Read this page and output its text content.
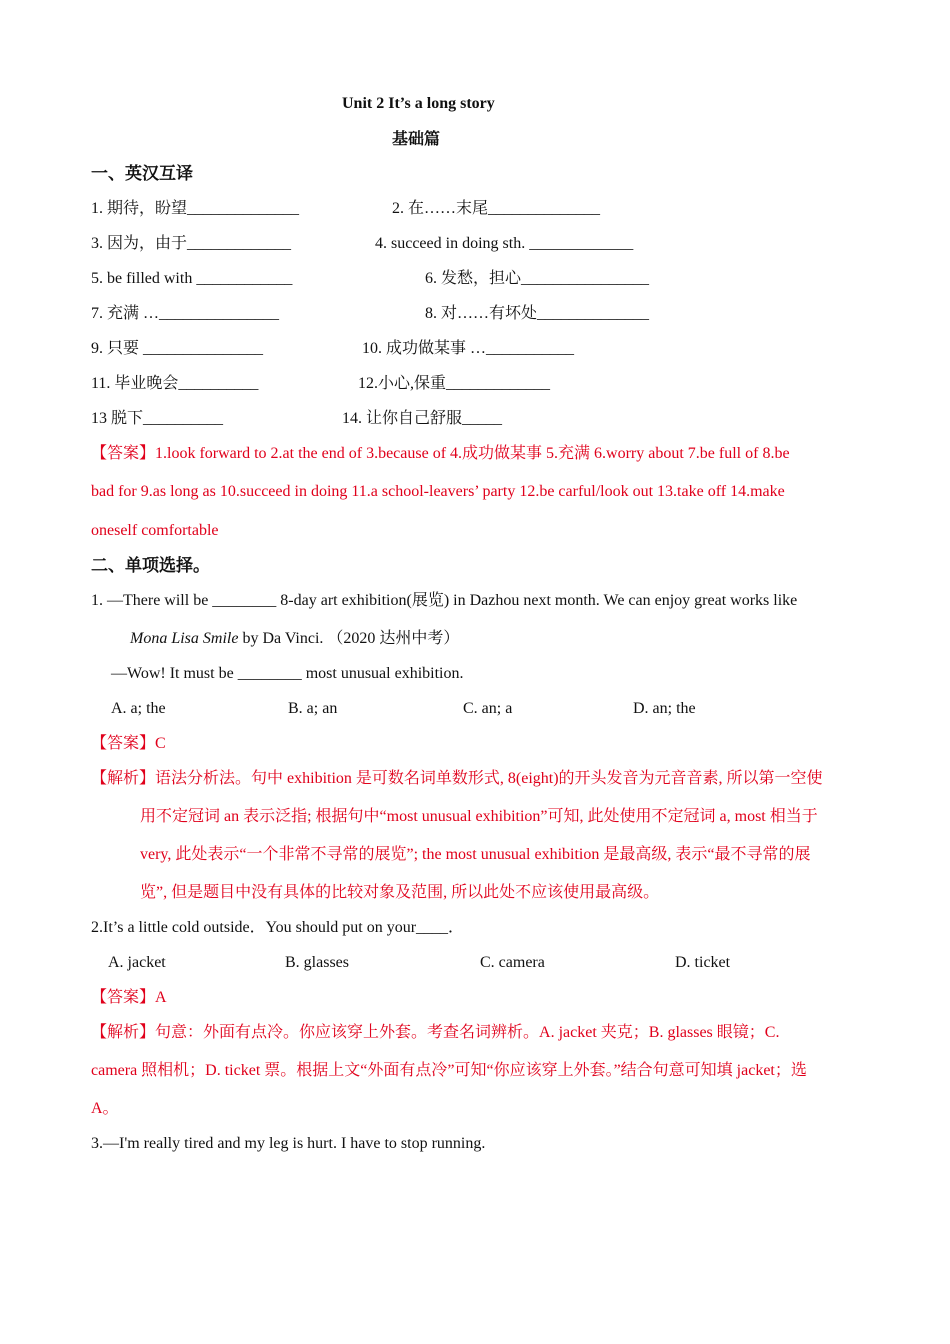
Unit 2 It’s a long story
基础篇
一、英汉互译
1. 期待，盼望______________	2. 在……末尾______________
3. 因为，由于_____________	4. succeed in doing sth. _____________
5. be filled with ____________	6. 发愁，担心________________
7. 充满 …_______________	8. 对……有坏处______________
9. 只要 _______________	10. 成功做某事 …___________
11. 毕业晚会__________	12.小心,保重_____________
13 脱下__________	14. 让你自己舒服_____
【答案】1.look forward to 2.at the end of 3.because of 4.成功做某事 5.充满 6.worry about 7.be full of 8.be
bad for 9.as long as 10.succeed in doing 11.a school-leavers’ party 12.be carful/look out 13.take off 14.make
oneself comfortable
二、单项选择。
1. —There will be ________ 8-day art exhibition(展览) in Dazhou next month. We can enjoy great works like
Mona Lisa Smile by Da Vinci. （2020 达州中考）
—Wow! It must be ________ most unusual exhibition.
A. a; the	B. a; an	C. an; a	D. an; the
【答案】C
【解析】语法分析法。句中 exhibition 是可数名词单数形式, 8(eight)的开头发音为元音音素, 所以第一空使
用不定冠词 an 表示泛指; 根据句中“most unusual exhibition”可知, 此处使用不定冠词 a, most 相当于
very, 此处表示“一个非常不寻常的展览”; the most unusual exhibition 是最高级, 表示“最不寻常的展
览”, 但是题目中没有具体的比较对象及范围, 所以此处不应该使用最高级。
2.It’s a little cold outside．You should put on your____．
A. jacket	B. glasses	C. camera	D. ticket
【答案】A
【解析】句意：外面有点冷。你应该穿上外套。考查名词辨析。A. jacket 夹克；B. glasses 眼镜；C.
camera 照相机；D. ticket 票。根据上文“外面有点冷”可知“你应该穿上外套。”结合句意可知填 jacket；选
A。
3.—I'm really tired and my leg is hurt. I have to stop running.
